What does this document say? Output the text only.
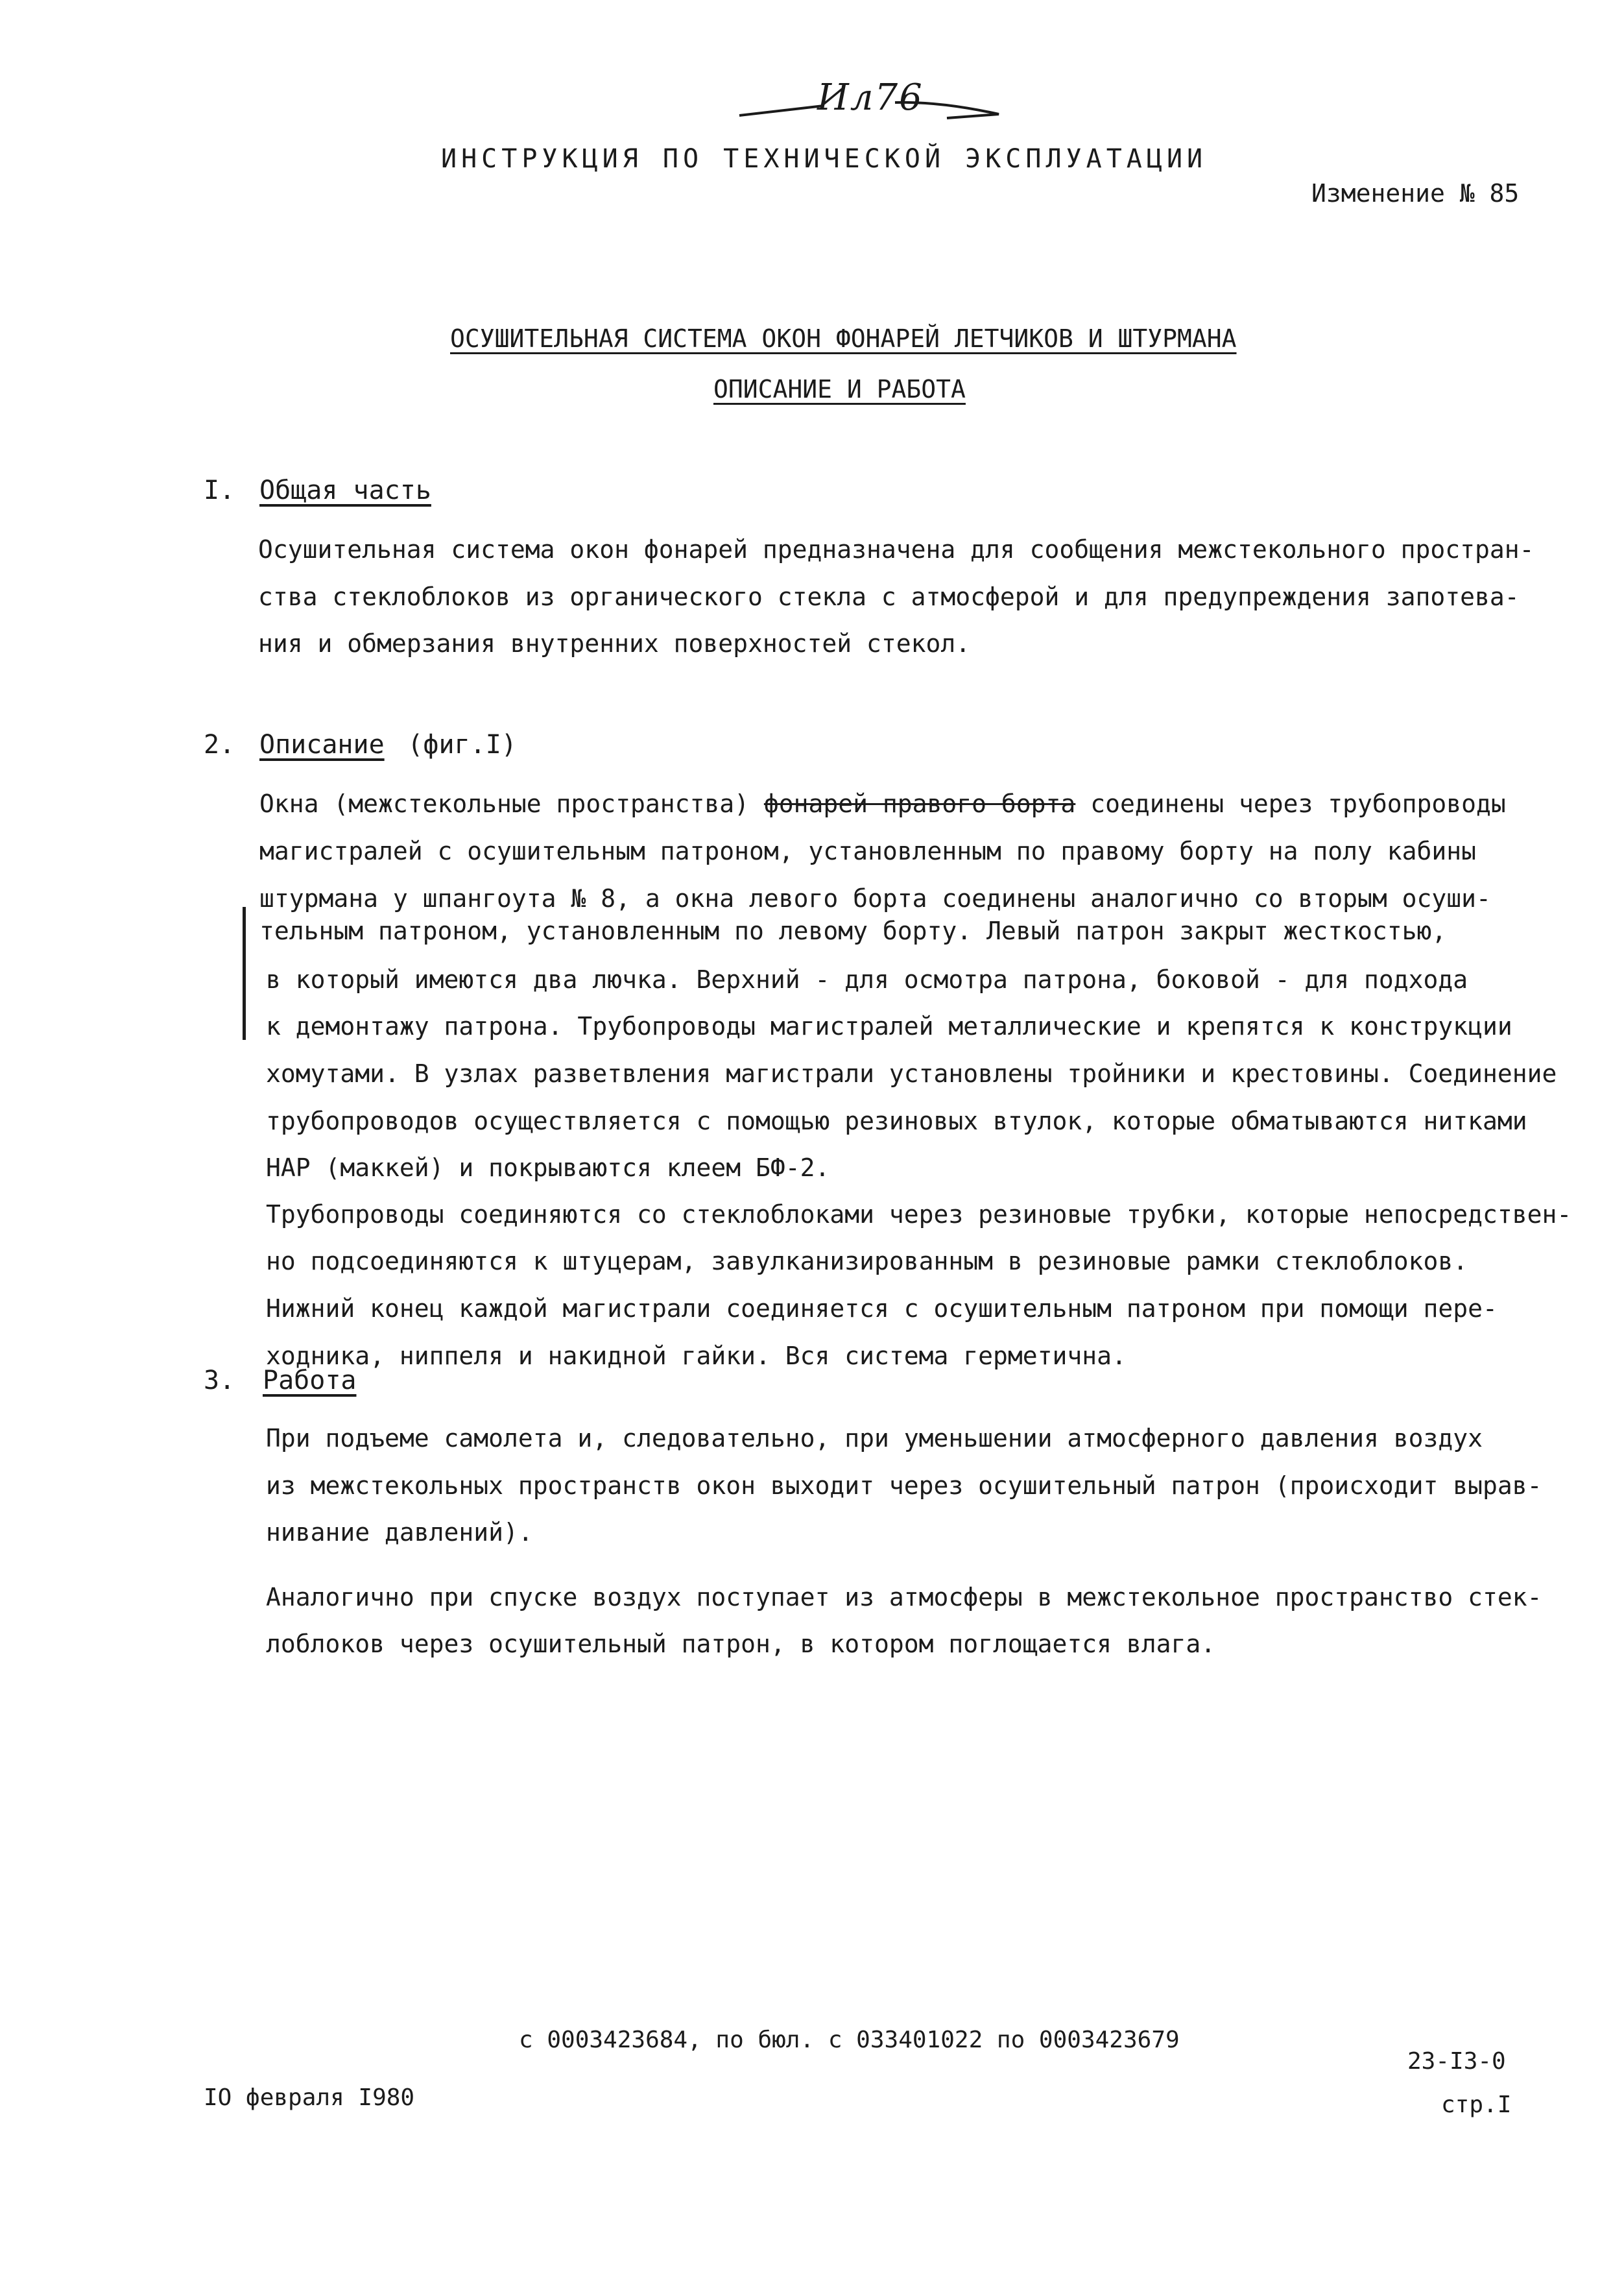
Ил76
ИНСТРУКЦИЯ ПО ТЕХНИЧЕСКОЙ ЭКСПЛУАТАЦИИ
Изменение № 85
ОСУШИТЕЛЬНАЯ СИСТЕМА ОКОН ФОНАРЕЙ ЛЕТЧИКОВ И ШТУРМАНА
ОПИСАНИЕ И РАБОТА
I. Общая часть
Осушительная система окон фонарей предназначена для сообщения межстекольного простран-
ства стеклоблоков из органического стекла с атмосферой и для предупреждения запотева-
ния и обмерзания внутренних поверхностей стекол.
2. Описание (фиг.I)
Окна (межстекольные пространства) фонарей правого борта соединены через трубопроводы
магистралей с осушительным патроном, установленным по правому борту на полу кабины
штурмана у шпангоута № 8, а окна левого борта соединены аналогично со вторым осуши-
тельным патроном, установленным по левому борту. Левый патрон закрыт жесткостью,
в который имеются два лючка. Верхний - для осмотра патрона, боковой - для подхода
к демонтажу патрона. Трубопроводы магистралей металлические и крепятся к конструкции
хомутами. В узлах разветвления магистрали установлены тройники и крестовины. Соединение
трубопроводов осуществляется с помощью резиновых втулок, которые обматываются нитками
НАР (маккей) и покрываются клеем БФ-2.
Трубопроводы соединяются со стеклоблоками через резиновые трубки, которые непосредствен-
но подсоединяются к штуцерам, завулканизированным в резиновые рамки стеклоблоков.
Нижний конец каждой магистрали соединяется с осушительным патроном при помощи пере-
ходника, ниппеля и накидной гайки. Вся система герметична.
3. Работа
При подъеме самолета и, следовательно, при уменьшении атмосферного давления воздух
из межстекольных пространств окон выходит через осушительный патрон (происходит вырав-
нивание давлений).
Аналогично при спуске воздух поступает из атмосферы в межстекольное пространство стек-
лоблоков через осушительный патрон, в котором поглощается влага.
с 0003423684, по бюл. с 033401022 по 0003423679
IO февраля I980
23-I3-0
стр.I
